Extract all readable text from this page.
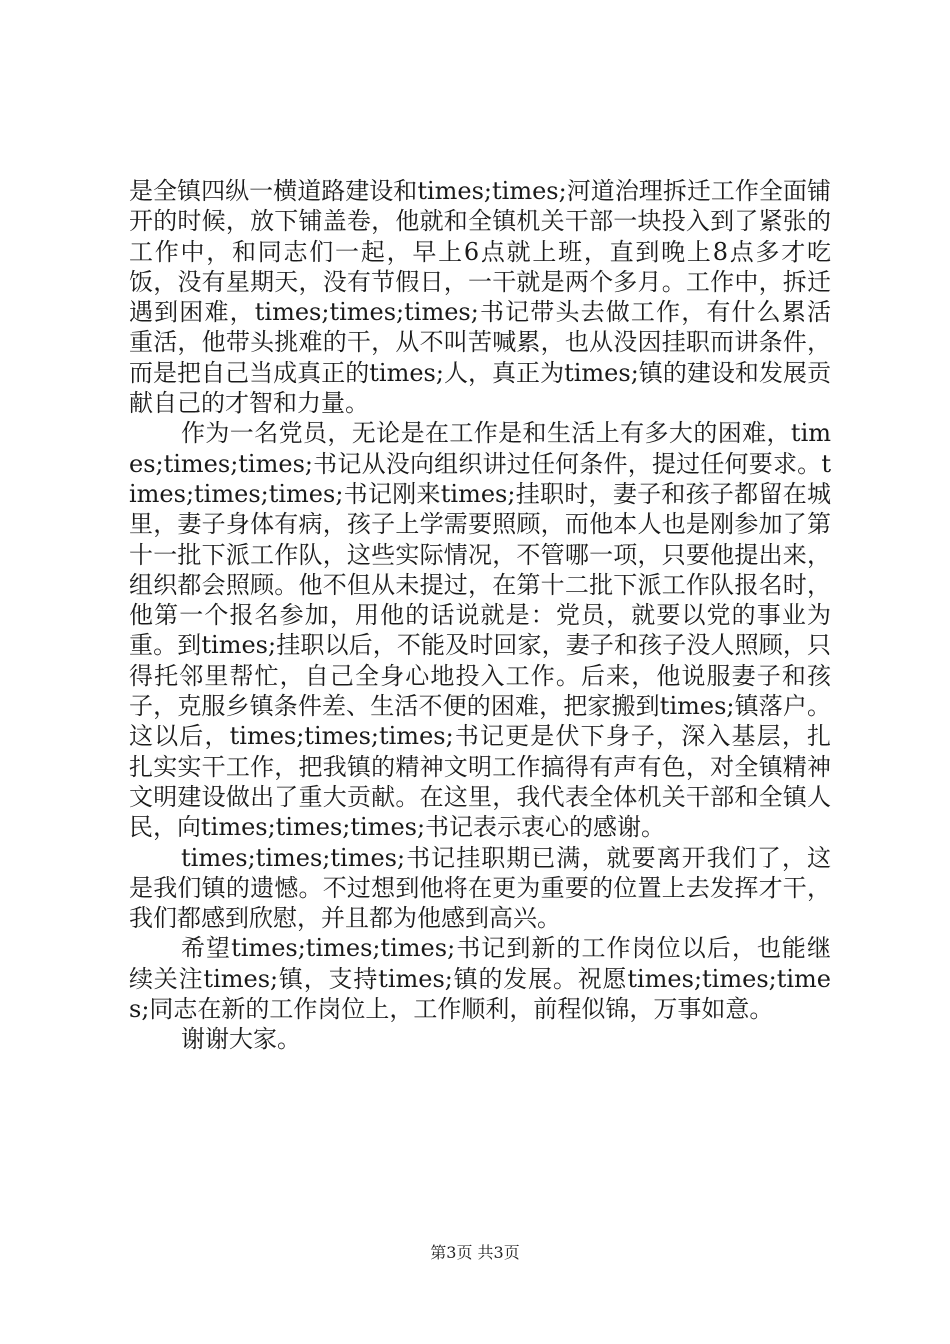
是全镇四纵一横道路建设和times;times;河道治理拆迁工作全面铺开的时候，放下铺盖卷，他就和全镇机关干部一块投入到了紧张的工作中，和同志们一起，早上6点就上班，直到晚上8点多才吃饭，没有星期天，没有节假日，一干就是两个多月。工作中，拆迁遇到困难，times;times;times;书记带头去做工作，有什么累活重活，他带头挑难的干，从不叫苦喊累，也从没因挂职而讲条件，而是把自己当成真正的times;人，真正为times;镇的建设和发展贡献自己的才智和力量。

作为一名党员，无论是在工作是和生活上有多大的困难，times;times;times;书记从没向组织讲过任何条件，提过任何要求。times;times;times;书记刚来times;挂职时，妻子和孩子都留在城里，妻子身体有病，孩子上学需要照顾，而他本人也是刚参加了第十一批下派工作队，这些实际情况，不管哪一项，只要他提出来，组织都会照顾。他不但从未提过，在第十二批下派工作队报名时，他第一个报名参加，用他的话说就是：党员，就要以党的事业为重。到times;挂职以后，不能及时回家，妻子和孩子没人照顾，只得托邻里帮忙，自己全身心地投入工作。后来，他说服妻子和孩子，克服乡镇条件差、生活不便的困难，把家搬到times;镇落户。这以后，times;times;times;书记更是伏下身子，深入基层，扎扎实实干工作，把我镇的精神文明工作搞得有声有色，对全镇精神文明建设做出了重大贡献。在这里，我代表全体机关干部和全镇人民，向times;times;times;书记表示衷心的感谢。

times;times;times;书记挂职期已满，就要离开我们了，这是我们镇的遗憾。不过想到他将在更为重要的位置上去发挥才干，我们都感到欣慰，并且都为他感到高兴。

希望times;times;times;书记到新的工作岗位以后，也能继续关注times;镇，支持times;镇的发展。祝愿times;times;times;同志在新的工作岗位上，工作顺利，前程似锦，万事如意。

谢谢大家。

第3页 共3页
